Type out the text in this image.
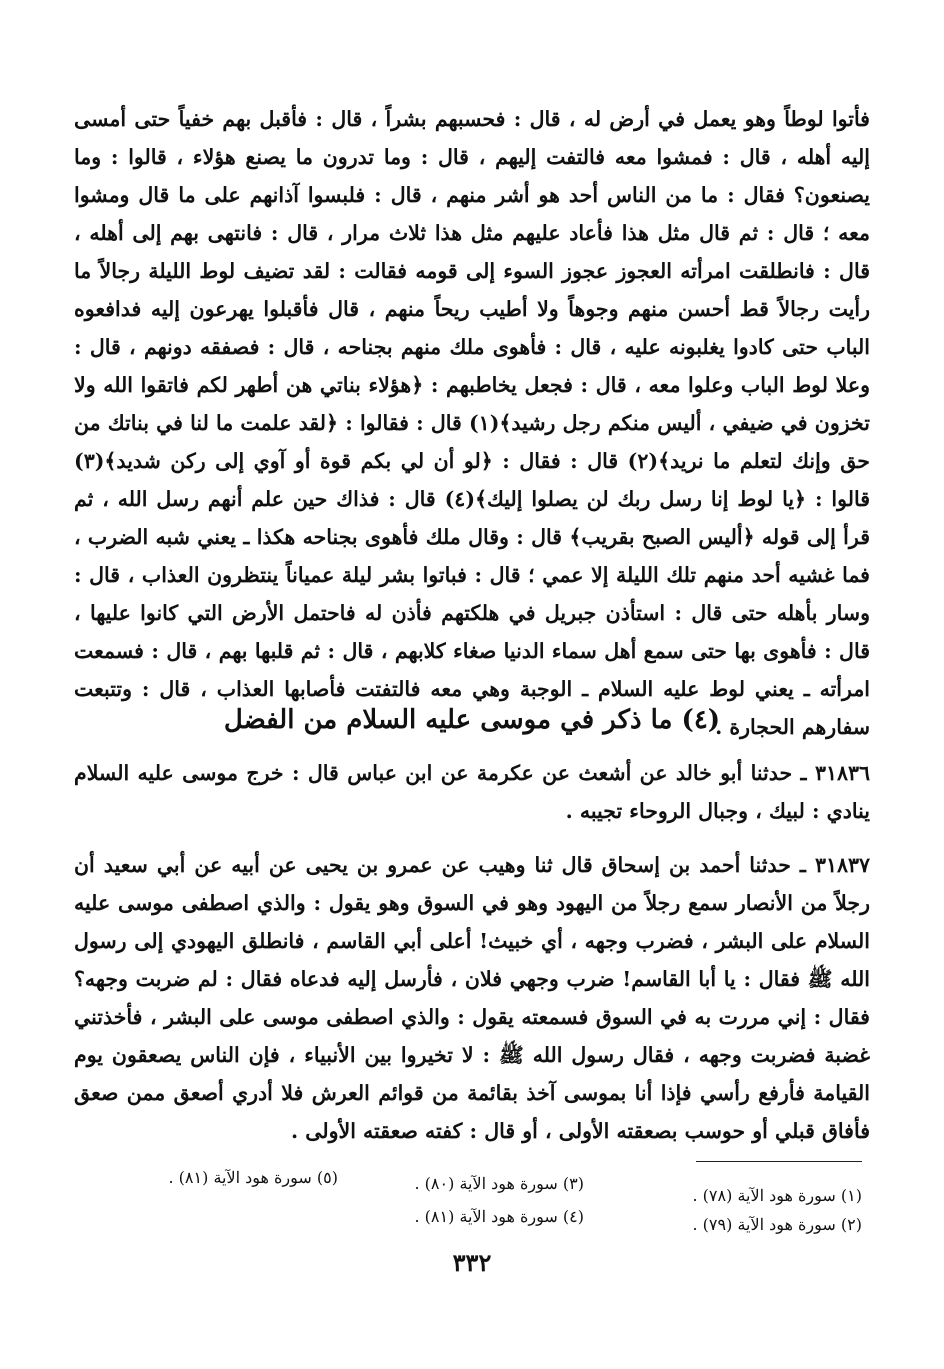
فأتوا لوطاً وهو يعمل في أرض له ، قال : فحسبهم بشراً ، قال : فأقبل بهم خفياً حتى أمسى إليه أهله ، قال : فمشوا معه فالتفت إليهم ، قال : وما تدرون ما يصنع هؤلاء ، قالوا : وما يصنعون؟ فقال : ما من الناس أحد هو أشر منهم ، قال : فلبسوا آذانهم على ما قال ومشوا معه ؛ قال : ثم قال مثل هذا فأعاد عليهم مثل هذا ثلاث مرار ، قال : فانتهى بهم إلى أهله ، قال : فانطلقت امرأته العجوز عجوز السوء إلى قومه فقالت : لقد تضيف لوط الليلة رجالاً ما رأيت رجالاً قط أحسن منهم وجوهاً ولا أطيب ريحاً منهم ، قال فأقبلوا يهرعون إليه فدافعوه الباب حتى كادوا يغلبونه عليه ، قال : فأهوى ملك منهم بجناحه ، قال : فصفقه دونهم ، قال : وعلا لوط الباب وعلوا معه ، قال : فجعل يخاطبهم : ﴿هؤلاء بناتي هن أطهر لكم فاتقوا الله ولا تخزون في ضيفي ، أليس منكم رجل رشيد﴾(١) قال : فقالوا : ﴿لقد علمت ما لنا في بناتك من حق وإنك لتعلم ما نريد﴾(٢) قال : فقال : ﴿لو أن لي بكم قوة أو آوي إلى ركن شديد﴾(٣) قالوا : ﴿يا لوط إنا رسل ربك لن يصلوا إليك﴾(٤) قال : فذاك حين علم أنهم رسل الله ، ثم قرأ إلى قوله ﴿أليس الصبح بقريب﴾ قال : وقال ملك فأهوى بجناحه هكذا ـ يعني شبه الضرب ، فما غشيه أحد منهم تلك الليلة إلا عمي ؛ قال : فباتوا بشر ليلة عمياناً ينتظرون العذاب ، قال : وسار بأهله حتى قال : استأذن جبريل في هلكتهم فأذن له فاحتمل الأرض التي كانوا عليها ، قال : فأهوى بها حتى سمع أهل سماء الدنيا صغاء كلابهم ، قال : ثم قلبها بهم ، قال : فسمعت امرأته ـ يعني لوط عليه السلام ـ الوجبة وهي معه فالتفتت فأصابها العذاب ، قال : وتتبعت سفارهم الحجارة .

(٤) ما ذكر في موسى عليه السلام من الفضل

٣١٨٣٦ ـ حدثنا أبو خالد عن أشعث عن عكرمة عن ابن عباس قال : خرج موسى عليه السلام ينادي : لبيك ، وجبال الروحاء تجيبه .

٣١٨٣٧ ـ حدثنا أحمد بن إسحاق قال ثنا وهيب عن عمرو بن يحيى عن أبيه عن أبي سعيد أن رجلاً من الأنصار سمع رجلاً من اليهود وهو في السوق وهو يقول : والذي اصطفى موسى عليه السلام على البشر ، فضرب وجهه ، أي خبيث! أعلى أبي القاسم ، فانطلق اليهودي إلى رسول الله ﷺ فقال : يا أبا القاسم! ضرب وجهي فلان ، فأرسل إليه فدعاه فقال : لم ضربت وجهه؟ فقال : إني مررت به في السوق فسمعته يقول : والذي اصطفى موسى على البشر ، فأخذتني غضبة فضربت وجهه ، فقال رسول الله ﷺ : لا تخيروا بين الأنبياء ، فإن الناس يصعقون يوم القيامة فأرفع رأسي فإذا أنا بموسى آخذ بقائمة من قوائم العرش فلا أدري أصعق ممن صعق فأفاق قبلي أو حوسب بصعقته الأولى ، أو قال : كفته صعقته الأولى .

(١) سورة هود الآية (٧٨) .
(٢) سورة هود الآية (٧٩) .
(٣) سورة هود الآية (٨٠) .
(٤) سورة هود الآية (٨١) .
(٥) سورة هود الآية (٨١) .
٣٣٢
